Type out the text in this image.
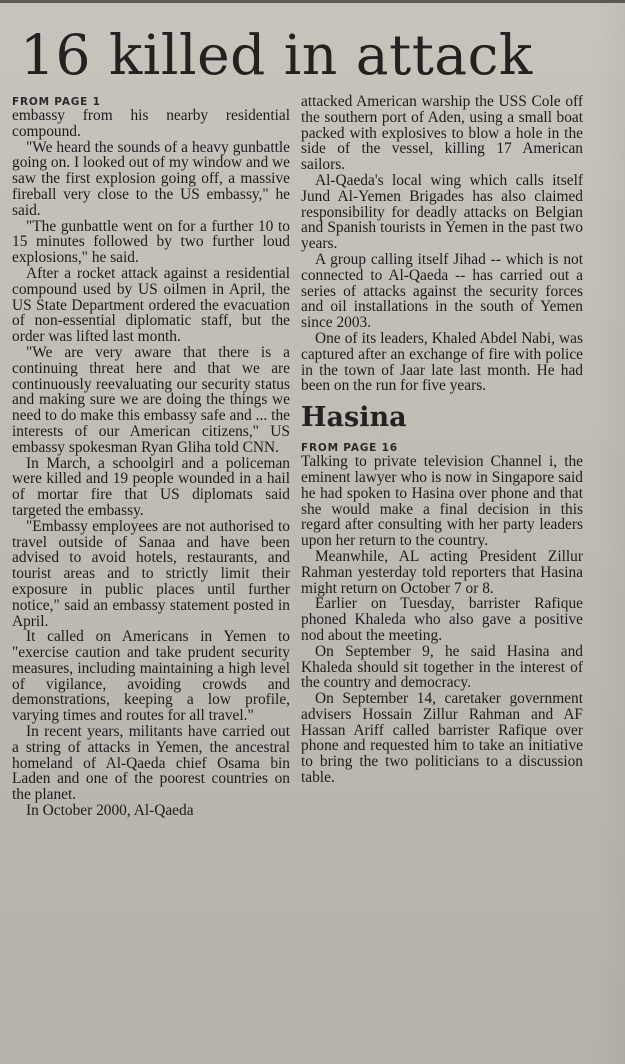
16 killed in attack
FROM PAGE 1

embassy from his nearby residential compound.

"We heard the sounds of a heavy gunbattle going on. I looked out of my window and we saw the first explosion going off, a massive fireball very close to the US embassy," he said.

"The gunbattle went on for a further 10 to 15 minutes followed by two further loud explosions," he said.

After a rocket attack against a residential compound used by US oilmen in April, the US State Department ordered the evacuation of non-essential diplomatic staff, but the order was lifted last month.

"We are very aware that there is a continuing threat here and that we are continuously reevaluating our security status and making sure we are doing the things we need to do make this embassy safe and ... the interests of our American citizens," US embassy spokesman Ryan Gliha told CNN.

In March, a schoolgirl and a policeman were killed and 19 people wounded in a hail of mortar fire that US diplomats said targeted the embassy.

"Embassy employees are not authorised to travel outside of Sanaa and have been advised to avoid hotels, restaurants, and tourist areas and to strictly limit their exposure in public places until further notice," said an embassy statement posted in April.

It called on Americans in Yemen to "exercise caution and take prudent security measures, including maintaining a high level of vigilance, avoiding crowds and demonstrations, keeping a low profile, varying times and routes for all travel."

In recent years, militants have carried out a string of attacks in Yemen, the ancestral homeland of Al-Qaeda chief Osama bin Laden and one of the poorest countries on the planet.

In October 2000, Al-Qaeda

attacked American warship the USS Cole off the southern port of Aden, using a small boat packed with explosives to blow a hole in the side of the vessel, killing 17 American sailors.

Al-Qaeda's local wing which calls itself Jund Al-Yemen Brigades has also claimed responsibility for deadly attacks on Belgian and Spanish tourists in Yemen in the past two years.

A group calling itself Jihad -- which is not connected to Al-Qaeda -- has carried out a series of attacks against the security forces and oil installations in the south of Yemen since 2003.

One of its leaders, Khaled Abdel Nabi, was captured after an exchange of fire with police in the town of Jaar late last month. He had been on the run for five years.

Hasina
FROM PAGE 16

Talking to private television Channel i, the eminent lawyer who is now in Singapore said he had spoken to Hasina over phone and that she would make a final decision in this regard after consulting with her party leaders upon her return to the country.

Meanwhile, AL acting President Zillur Rahman yesterday told reporters that Hasina might return on October 7 or 8.

Earlier on Tuesday, barrister Rafique phoned Khaleda who also gave a positive nod about the meeting.

On September 9, he said Hasina and Khaleda should sit together in the interest of the country and democracy.

On September 14, caretaker government advisers Hossain Zillur Rahman and AF Hassan Ariff called barrister Rafique over phone and requested him to take an initiative to bring the two politicians to a discussion table.
